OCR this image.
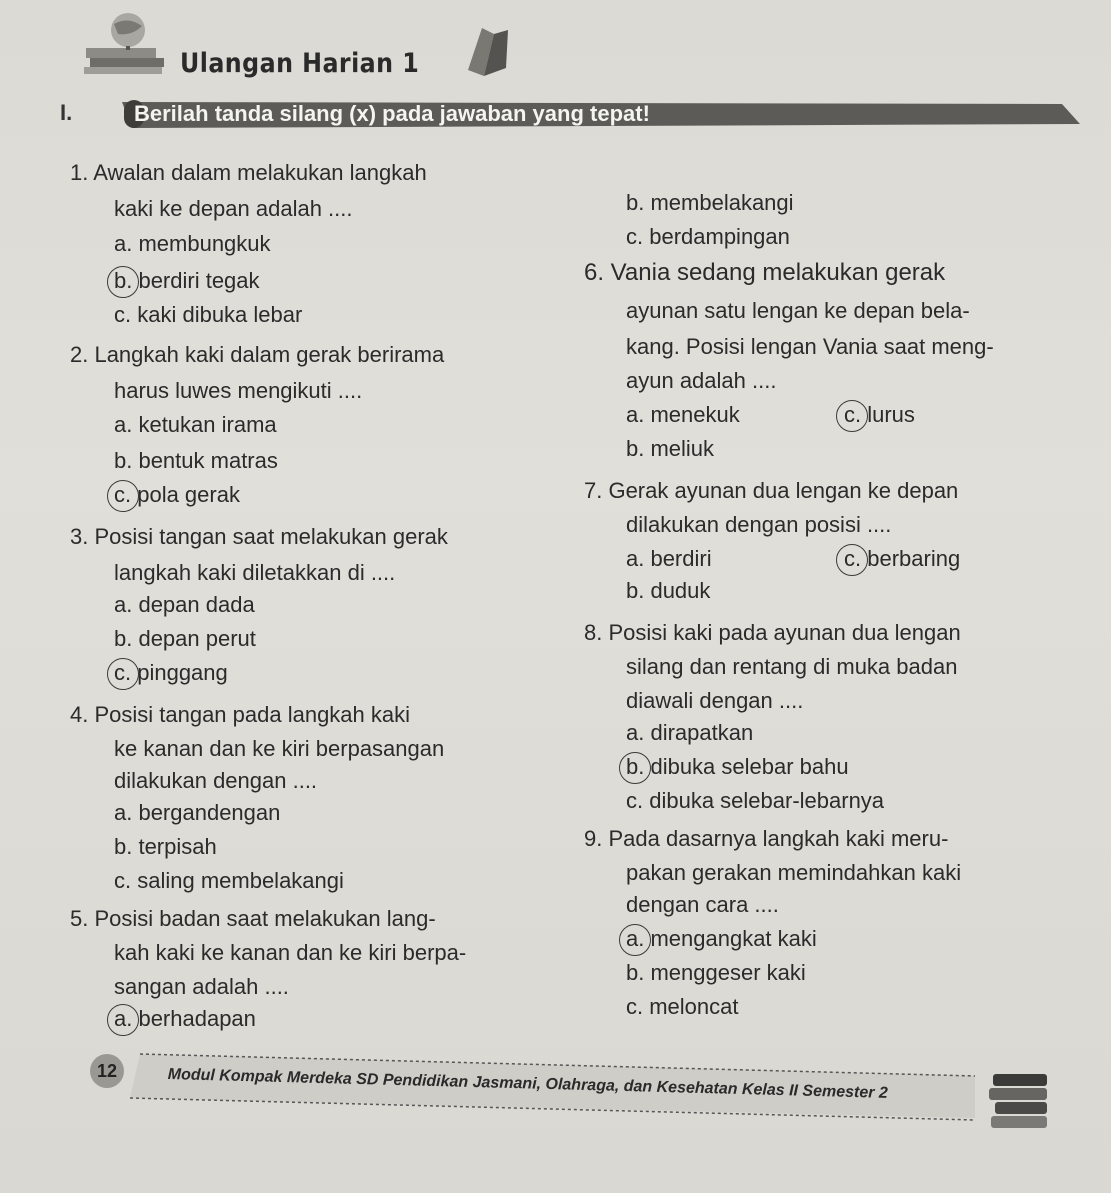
Ulangan Harian 1
I.	Berilah tanda silang (x) pada jawaban yang tepat!
1. Awalan dalam melakukan langkah
kaki ke depan adalah ....
a. membungkuk
b. berdiri tegak
c. kaki dibuka lebar
2. Langkah kaki dalam gerak berirama
harus luwes mengikuti ....
a. ketukan irama
b. bentuk matras
c. pola gerak
3. Posisi tangan saat melakukan gerak
langkah kaki diletakkan di ....
a. depan dada
b. depan perut
c. pinggang
4. Posisi tangan pada langkah kaki
ke kanan dan ke kiri berpasangan
dilakukan dengan ....
a. bergandengan
b. terpisah
c. saling membelakangi
5. Posisi badan saat melakukan lang-
kah kaki ke kanan dan ke kiri berpa-
sangan adalah ....
a. berhadapan
b. membelakangi
c. berdampingan
6. Vania sedang melakukan gerak
ayunan satu lengan ke depan bela-
kang. Posisi lengan Vania saat meng-
ayun adalah ....
a. menekuk	c. lurus
b. meliuk
7. Gerak ayunan dua lengan ke depan
dilakukan dengan posisi ....
a. berdiri	c. berbaring
b. duduk
8. Posisi kaki pada ayunan dua lengan
silang dan rentang di muka badan
diawali dengan ....
a. dirapatkan
b. dibuka selebar bahu
c. dibuka selebar-lebarnya
9. Pada dasarnya langkah kaki meru-
pakan gerakan memindahkan kaki
dengan cara ....
a. mengangkat kaki
b. menggeser kaki
c. meloncat
12	Modul Kompak Merdeka SD Pendidikan Jasmani, Olahraga, dan Kesehatan Kelas II Semester 2
